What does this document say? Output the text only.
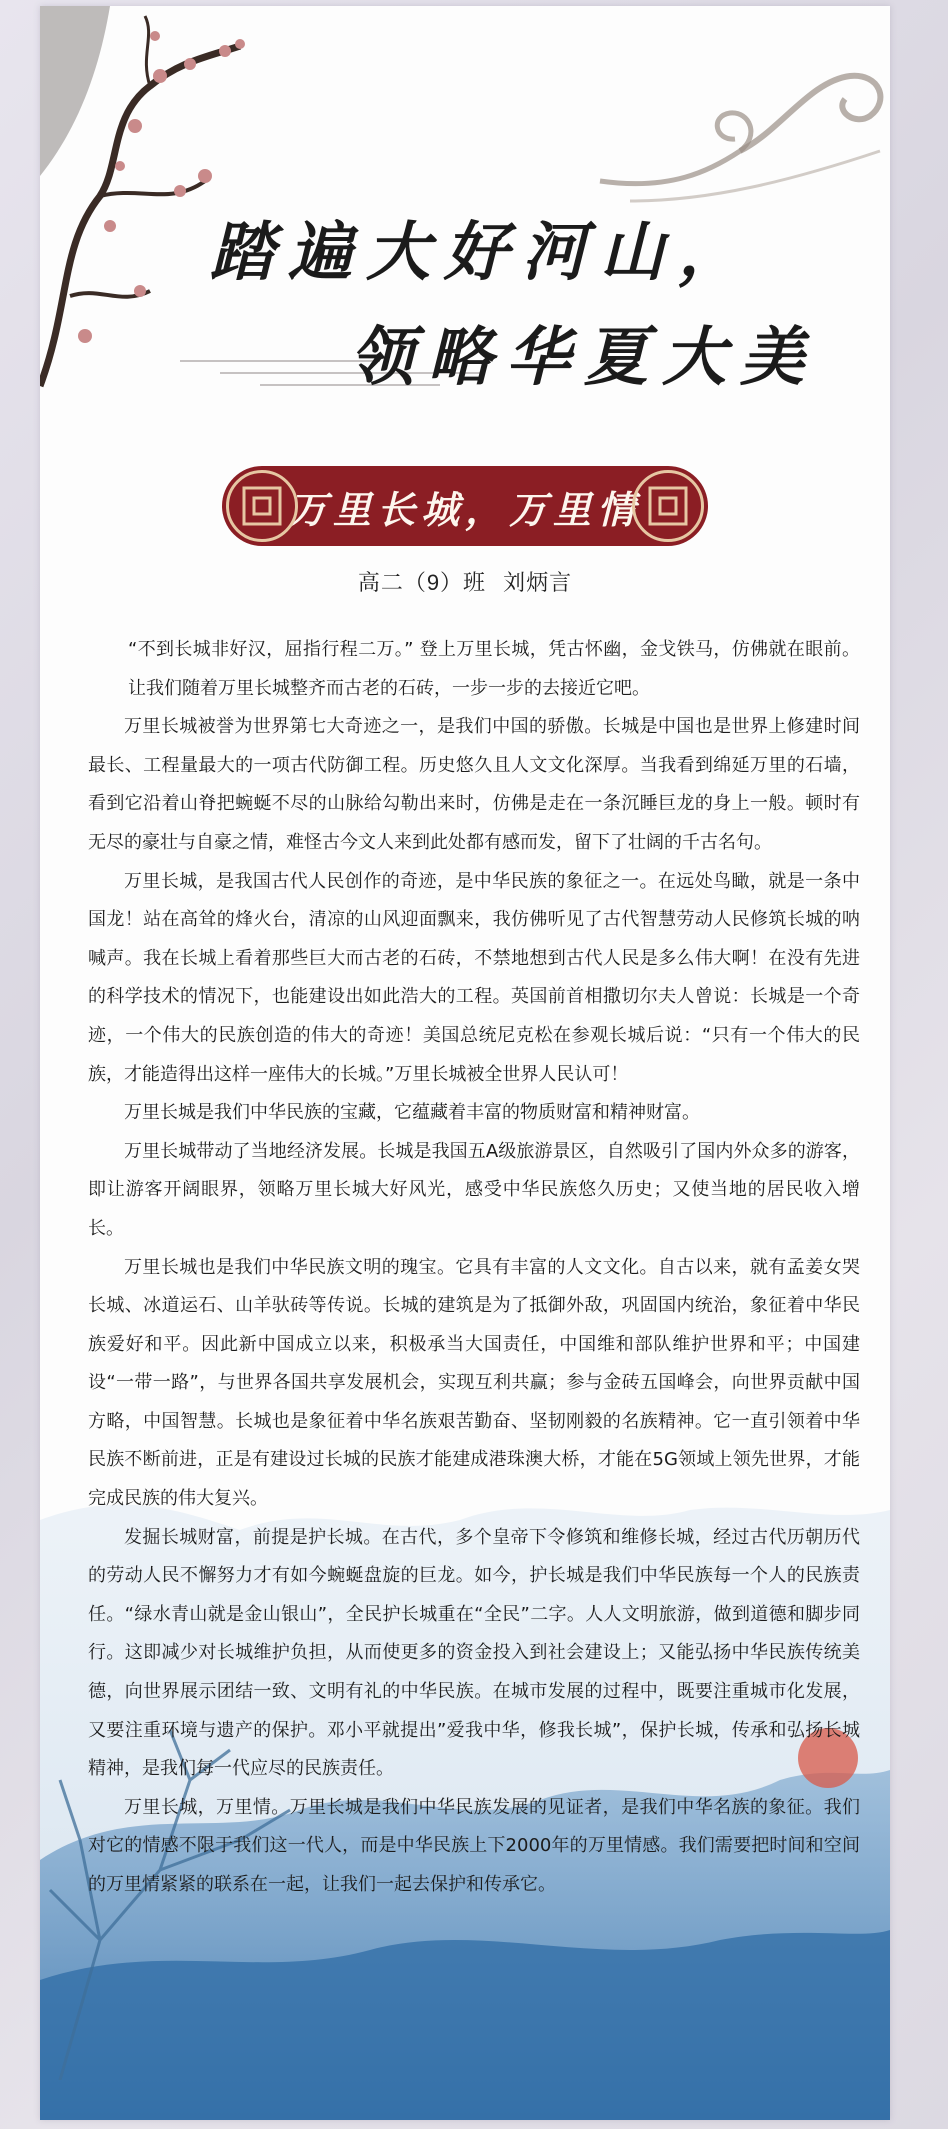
踏遍大好河山，
领略华夏大美
万里长城，万里情
高二（9）班 刘炳言

“不到长城非好汉，屈指行程二万。” 登上万里长城，凭古怀幽，金戈铁马，仿佛就在眼前。让我们随着万里长城整齐而古老的石砖，一步一步的去接近它吧。

万里长城被誉为世界第七大奇迹之一，是我们中国的骄傲。长城是中国也是世界上修建时间最长、工程量最大的一项古代防御工程。历史悠久且人文文化深厚。当我看到绵延万里的石墙，看到它沿着山脊把蜿蜒不尽的山脉给勾勒出来时，仿佛是走在一条沉睡巨龙的身上一般。顿时有无尽的豪壮与自豪之情，难怪古今文人来到此处都有感而发，留下了壮阔的千古名句。

万里长城，是我国古代人民创作的奇迹，是中华民族的象征之一。在远处鸟瞰，就是一条中国龙！站在高耸的烽火台，清凉的山风迎面飘来，我仿佛听见了古代智慧劳动人民修筑长城的呐喊声。我在长城上看着那些巨大而古老的石砖，不禁地想到古代人民是多么伟大啊！在没有先进的科学技术的情况下，也能建设出如此浩大的工程。英国前首相撒切尔夫人曾说：长城是一个奇迹，一个伟大的民族创造的伟大的奇迹！美国总统尼克松在参观长城后说：“只有一个伟大的民族，才能造得出这样一座伟大的长城。”万里长城被全世界人民认可！

万里长城是我们中华民族的宝藏，它蕴藏着丰富的物质财富和精神财富。

万里长城带动了当地经济发展。长城是我国五A级旅游景区，自然吸引了国内外众多的游客，即让游客开阔眼界，领略万里长城大好风光，感受中华民族悠久历史；又使当地的居民收入增长。

万里长城也是我们中华民族文明的瑰宝。它具有丰富的人文文化。自古以来，就有孟姜女哭长城、冰道运石、山羊驮砖等传说。长城的建筑是为了抵御外敌，巩固国内统治，象征着中华民族爱好和平。因此新中国成立以来，积极承当大国责任，中国维和部队维护世界和平；中国建设“一带一路”，与世界各国共享发展机会，实现互利共赢；参与金砖五国峰会，向世界贡献中国方略，中国智慧。长城也是象征着中华名族艰苦勤奋、坚韧刚毅的名族精神。它一直引领着中华民族不断前进，正是有建设过长城的民族才能建成港珠澳大桥，才能在5G领域上领先世界，才能完成民族的伟大复兴。

发掘长城财富，前提是护长城。在古代，多个皇帝下令修筑和维修长城，经过古代历朝历代的劳动人民不懈努力才有如今蜿蜒盘旋的巨龙。如今，护长城是我们中华民族每一个人的民族责任。“绿水青山就是金山银山”，全民护长城重在“全民”二字。人人文明旅游，做到道德和脚步同行。这即减少对长城维护负担，从而使更多的资金投入到社会建设上；又能弘扬中华民族传统美德，向世界展示团结一致、文明有礼的中华民族。在城市发展的过程中，既要注重城市化发展，又要注重环境与遗产的保护。邓小平就提出”爱我中华，修我长城”，保护长城，传承和弘扬长城精神，是我们每一代应尽的民族责任。

万里长城，万里情。万里长城是我们中华民族发展的见证者，是我们中华名族的象征。我们对它的情感不限于我们这一代人，而是中华民族上下2000年的万里情感。我们需要把时间和空间的万里情紧紧的联系在一起，让我们一起去保护和传承它。
